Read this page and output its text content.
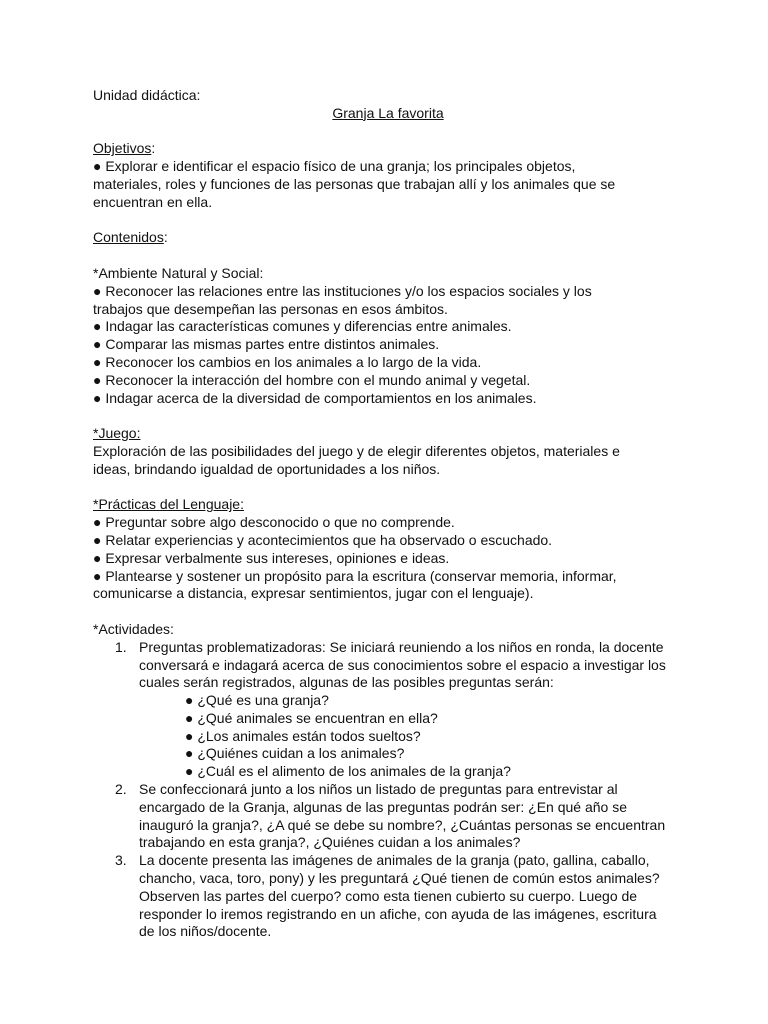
Unidad didáctica:
Granja La favorita
Objetivos:
● Explorar e identificar el espacio físico de una granja; los principales objetos,
materiales, roles y funciones de las personas que trabajan allí y los animales que se
encuentran en ella.
Contenidos:
*Ambiente Natural y Social:
● Reconocer las relaciones entre las instituciones y/o los espacios sociales y los
trabajos que desempeñan las personas en esos ámbitos.
● Indagar las características comunes y diferencias entre animales.
● Comparar las mismas partes entre distintos animales.
● Reconocer los cambios en los animales a lo largo de la vida.
● Reconocer la interacción del hombre con el mundo animal y vegetal.
● Indagar acerca de la diversidad de comportamientos en los animales.
*Juego:
Exploración de las posibilidades del juego y de elegir diferentes objetos, materiales e
ideas, brindando igualdad de oportunidades a los niños.
*Prácticas del Lenguaje:
● Preguntar sobre algo desconocido o que no comprende.
● Relatar experiencias y acontecimientos que ha observado o escuchado.
● Expresar verbalmente sus intereses, opiniones e ideas.
● Plantearse y sostener un propósito para la escritura (conservar memoria, informar,
comunicarse a distancia, expresar sentimientos, jugar con el lenguaje).
*Actividades:
1. Preguntas problematizadoras: Se iniciará reuniendo a los niños en ronda, la docente
conversará e indagará acerca de sus conocimientos sobre el espacio a investigar los
cuales serán registrados, algunas de las posibles preguntas serán:
● ¿Qué es una granja?
● ¿Qué animales se encuentran en ella?
● ¿Los animales están todos sueltos?
● ¿Quiénes cuidan a los animales?
● ¿Cuál es el alimento de los animales de la granja?
2. Se confeccionará junto a los niños un listado de preguntas para entrevistar al
encargado de la Granja, algunas de las preguntas podrán ser: ¿En qué año se
inauguró la granja?, ¿A qué se debe su nombre?, ¿Cuántas personas se encuentran
trabajando en esta granja?, ¿Quiénes cuidan a los animales?
3. La docente presenta las imágenes de animales de la granja (pato, gallina, caballo,
chancho, vaca, toro, pony) y les preguntará ¿Qué tienen de común estos animales?
Observen las partes del cuerpo? como esta tienen cubierto su cuerpo. Luego de
responder lo iremos registrando en un afiche, con ayuda de las imágenes, escritura
de los niños/docente.
